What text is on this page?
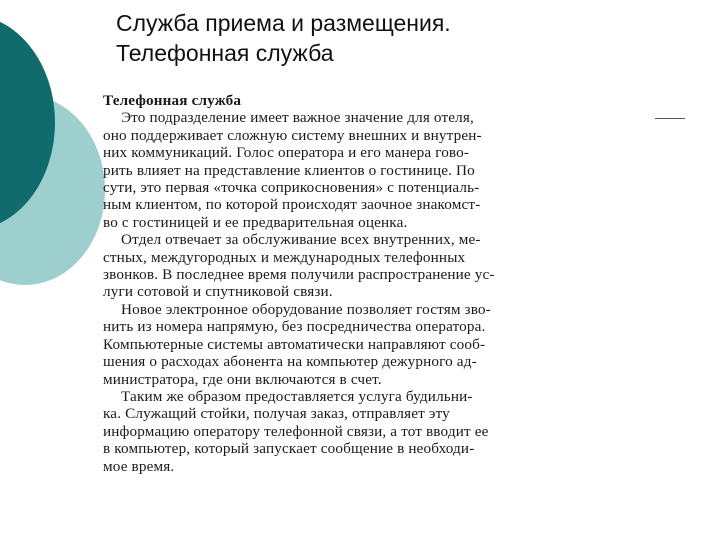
Служба приема и размещения.
Телефонная служба
Телефонная служба
Это подразделение имеет важное значение для отеля,
оно поддерживает сложную систему внешних и внутрен-
них коммуникаций. Голос оператора и его манера гово-
рить влияет на представление клиентов о гостинице. По
сути, это первая «точка соприкосновения» с потенциаль-
ным клиентом, по которой происходят заочное знакомст-
во с гостиницей и ее предварительная оценка.
Отдел отвечает за обслуживание всех внутренних, ме-
стных, междугородных и международных телефонных
звонков. В последнее время получили распространение ус-
луги сотовой и спутниковой связи.
Новое электронное оборудование позволяет гостям зво-
нить из номера напрямую, без посредничества оператора.
Компьютерные системы автоматически направляют сооб-
шения о расходах абонента на компьютер дежурного ад-
министратора, где они включаются в счет.
Таким же образом предоставляется услуга будильни-
ка. Служащий стойки, получая заказ, отправляет эту
информацию оператору телефонной связи, а тот вводит ее
в компьютер, который запускает сообщение в необходи-
мое время.
